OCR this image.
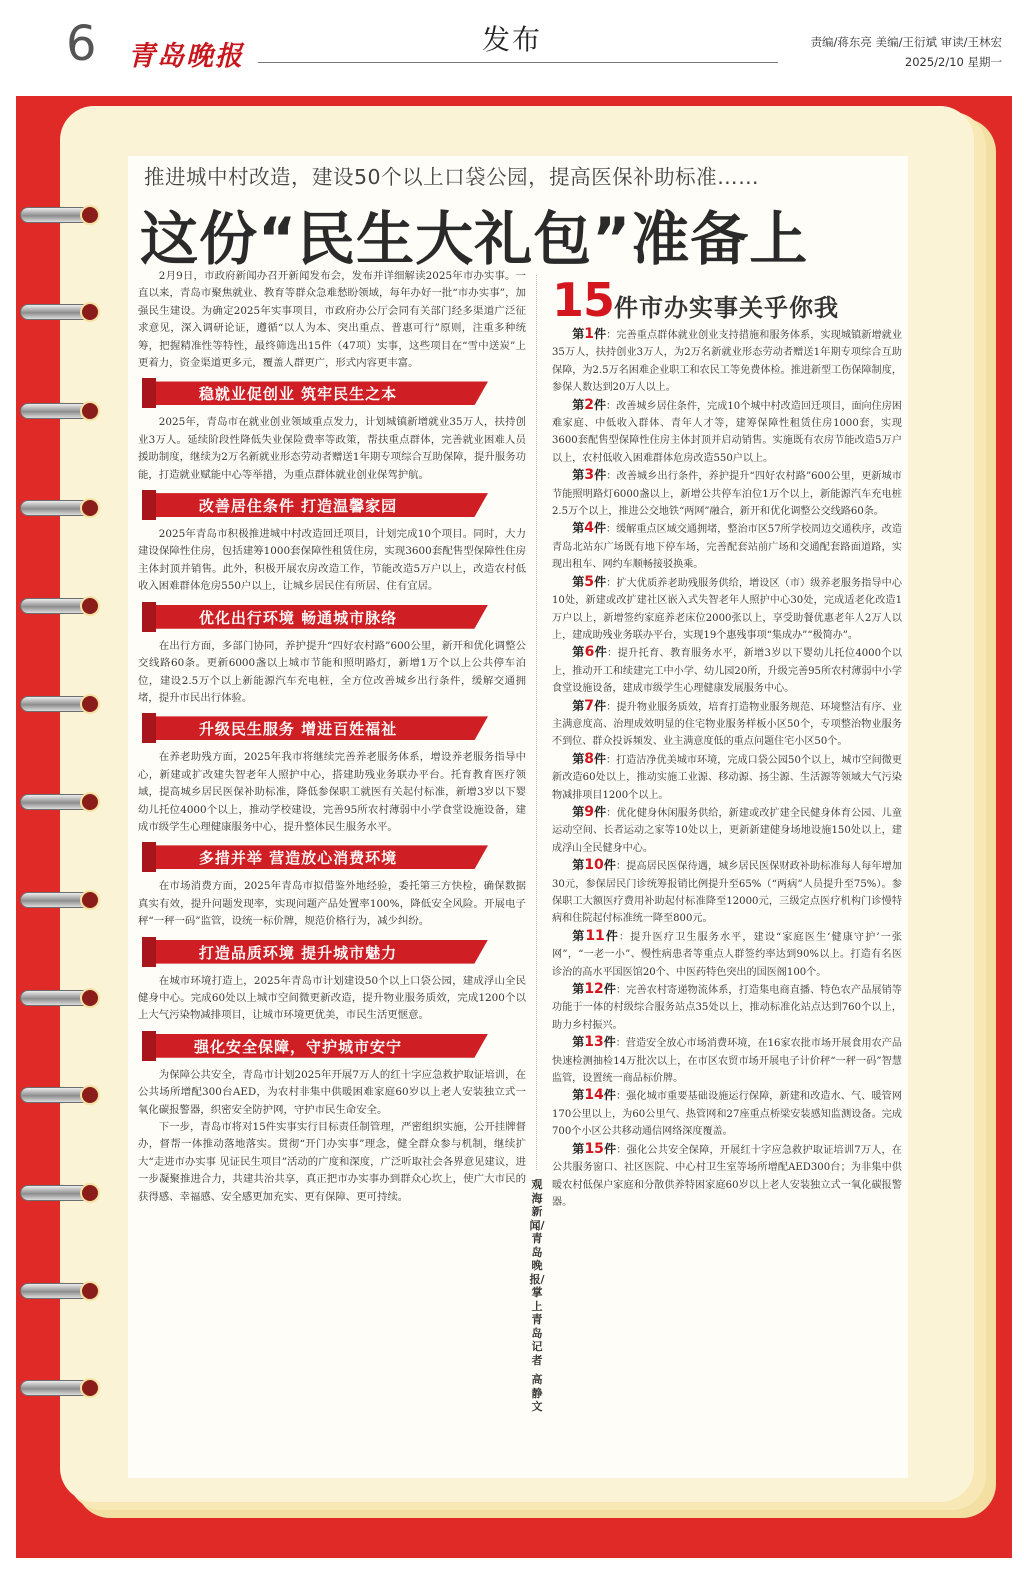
6 青岛晚报
发布	责编/蒋东亮 美编/王衍斌 审读/王林宏
2025/2/10 星期一
推进城中村改造，建设50个以上口袋公园，提高医保补助标准……
这份“民生大礼包”准备上

2月9日，市政府新闻办召开新闻发布会，发布并详细解读2025年市办实事。一直以来，青岛市聚焦就业、教育等群众急难愁盼领域，每年办好一批“市办实事”，加强民生建设。为确定2025年实事项目，市政府办公厅会同有关部门经多渠道广泛征求意见，深入调研论证，遵循“以人为本、突出重点、普惠可行”原则，注重多种统筹，把握精准性等特性，最终筛选出15件（47项）实事，这些项目在“雪中送炭”上更着力，资金渠道更多元，覆盖人群更广，形式内容更丰富。

稳就业促创业 筑牢民生之本

2025年，青岛市在就业创业领域重点发力，计划城镇新增就业35万人，扶持创业3万人。延续阶段性降低失业保险费率等政策，帮扶重点群体，完善就业困难人员援助制度，继续为2万名新就业形态劳动者赠送1年期专项综合互助保障，提升服务功能，打造就业赋能中心等举措，为重点群体就业创业保驾护航。

改善居住条件 打造温馨家园

2025年青岛市积极推进城中村改造回迁项目，计划完成10个项目。同时，大力建设保障性住房，包括建筹1000套保障性租赁住房，实现3600套配售型保障性住房主体封顶并销售。此外，积极开展农房改造工作，节能改造5万户以上，改造农村低收入困难群体危房550户以上，让城乡居民住有所居、住有宜居。

优化出行环境 畅通城市脉络

在出行方面，多部门协同，养护提升“四好农村路”600公里，新开和优化调整公交线路60条。更新6000盏以上城市节能和照明路灯，新增1万个以上公共停车泊位，建设2.5万个以上新能源汽车充电桩，全方位改善城乡出行条件，缓解交通拥堵，提升市民出行体验。

升级民生服务 增进百姓福祉

在养老助残方面，2025年我市将继续完善养老服务体系，增设养老服务指导中心，新建或扩改建失智老年人照护中心，搭建助残业务联办平台。托育教育医疗领域，提高城乡居民医保补助标准，降低参保职工就医有关起付标准，新增3岁以下婴幼儿托位4000个以上，推动学校建设，完善95所农村薄弱中小学食堂设施设备，建成市级学生心理健康服务中心，提升整体民生服务水平。

多措并举 营造放心消费环境

在市场消费方面，2025年青岛市拟借鉴外地经验，委托第三方快检，确保数据真实有效，提升问题发现率，实现问题产品处置率100%，降低安全风险。开展电子秤“一秤一码”监管，设统一标价牌，规范价格行为，减少纠纷。

打造品质环境 提升城市魅力

在城市环境打造上，2025年青岛市计划建设50个以上口袋公园，建成浮山全民健身中心。完成60处以上城市空间微更新改造，提升物业服务质效，完成1200个以上大气污染物减排项目，让城市环境更优美，市民生活更惬意。

强化安全保障，守护城市安宁

为保障公共安全，青岛市计划2025年开展7万人的红十字应急救护取证培训，在公共场所增配300台AED，为农村非集中供暖困难家庭60岁以上老人安装独立式一氧化碳报警器，织密安全防护网，守护市民生命安全。

下一步，青岛市将对15件实事实行目标责任制管理，严密组织实施，公开挂牌督办，督帮一体推动落地落实。贯彻“开门办实事”理念，健全群众参与机制，继续扩大“走进市办实事 见证民生项目”活动的广度和深度，广泛听取社会各界意见建议，进一步凝聚推进合力，共建共治共享，真正把市办实事办到群众心坎上，使广大市民的获得感、幸福感、安全感更加充实、更有保障、更可持续。

观海新闻/青岛晚报/掌上青岛 记者
高静文
15件市办实事关乎你我

第1件：完善重点群体就业创业支持措施和服务体系，实现城镇新增就业35万人，扶持创业3万人，为2万名新就业形态劳动者赠送1年期专项综合互助保障，为2.5万名困难企业职工和农民工等免费体检。推进新型工伤保障制度，参保人数达到20万人以上。

第2件：改善城乡居住条件，完成10个城中村改造回迁项目，面向住房困难家庭、中低收入群体、青年人才等，建筹保障性租赁住房1000套，实现3600套配售型保障性住房主体封顶并启动销售。实施既有农房节能改造5万户以上，农村低收入困难群体危房改造550户以上。

第3件：改善城乡出行条件，养护提升“四好农村路”600公里，更新城市节能照明路灯6000盏以上，新增公共停车泊位1万个以上，新能源汽车充电桩2.5万个以上，推进公交地铁“两网”融合，新开和优化调整公交线路60条。

第4件：缓解重点区域交通拥堵，整治市区57所学校周边交通秩序，改造青岛北站东广场既有地下停车场，完善配套站前广场和交通配套路面道路，实现出租车、网约车顺畅接驳换乘。

第5件：扩大优质养老助残服务供给，增设区（市）级养老服务指导中心10处，新建或改扩建社区嵌入式失智老年人照护中心30处，完成适老化改造1万户以上，新增签约家庭养老床位2000张以上，享受助餐优惠老年人2万人以上，建成助残业务联办平台，实现19个惠残事项“集成办”“极简办”。

第6件：提升托育、教育服务水平，新增3岁以下婴幼儿托位4000个以上，推动开工和续建完工中小学、幼儿园20所，升级完善95所农村薄弱中小学食堂设施设备，建成市级学生心理健康发展服务中心。

第7件：提升物业服务质效，培育打造物业服务规范、环境整洁有序、业主满意度高、治理成效明显的住宅物业服务样板小区50个，专项整治物业服务不到位、群众投诉频发、业主满意度低的重点问题住宅小区50个。

第8件：打造洁净优美城市环境，完成口袋公园50个以上，城市空间微更新改造60处以上，推动实施工业源、移动源、扬尘源、生活源等领域大气污染物减排项目1200个以上。

第9件：优化健身休闲服务供给，新建或改扩建全民健身体育公园、儿童运动空间、长者运动之家等10处以上，更新新建健身场地设施150处以上，建成浮山全民健身中心。

第10件：提高居民医保待遇，城乡居民医保财政补助标准每人每年增加30元，参保居民门诊统筹报销比例提升至65%（“两病”人员提升至75%）。参保职工大额医疗费用补助起付标准降至12000元，三级定点医疗机构门诊慢特病和住院起付标准统一降至800元。

第11件：提升医疗卫生服务水平，建设“家庭医生‘健康守护’一张网”，“一老一小”、慢性病患者等重点人群签约率达到90%以上。打造有名医诊治的高水平国医馆20个、中医药特色突出的国医阁100个。

第12件：完善农村寄递物流体系，打造集电商直播、特色农产品展销等功能于一体的村级综合服务站点35处以上，推动标准化站点达到760个以上，助力乡村振兴。

第13件：营造安全放心市场消费环境，在16家农批市场开展食用农产品快速检测抽检14万批次以上，在市区农贸市场开展电子计价秤“一秤一码”智慧监管，设置统一商品标价牌。

第14件：强化城市重要基础设施运行保障，新建和改造水、气、暖管网170公里以上，为60公里气、热管网和27座重点桥梁安装感知监测设备。完成700个小区公共移动通信网络深度覆盖。

第15件：强化公共安全保障，开展红十字应急救护取证培训7万人，在公共服务窗口、社区医院、中心村卫生室等场所增配AED300台；为非集中供暖农村低保户家庭和分散供养特困家庭60岁以上老人安装独立式一氧化碳报警器。
